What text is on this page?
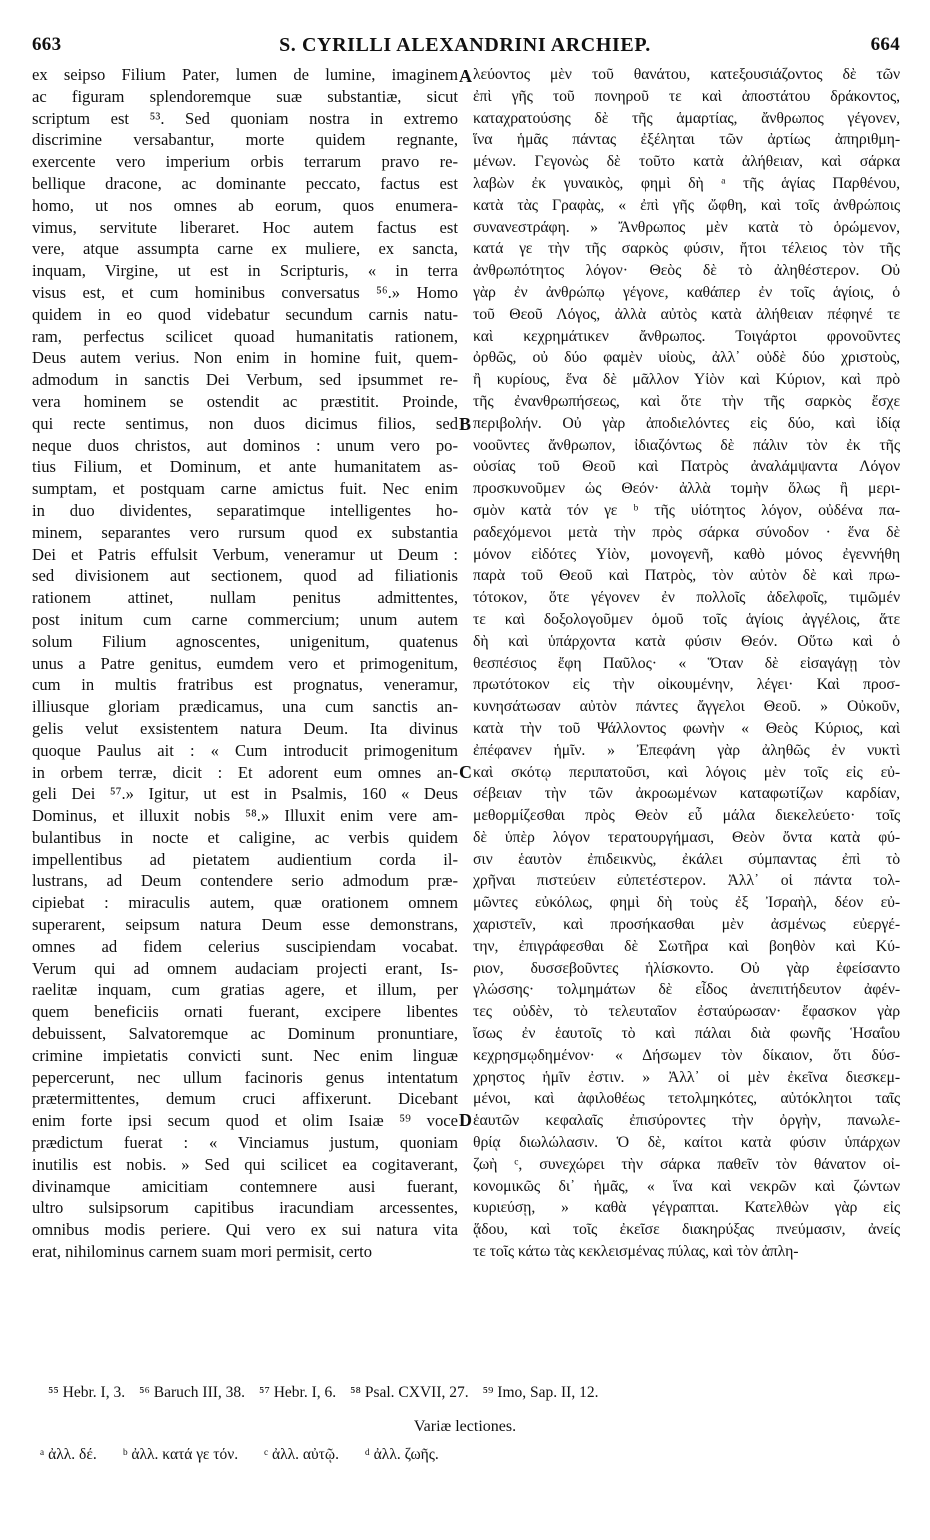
663	S. CYRILLI ALEXANDRINI ARCHIEP.	664
ex seipso Filium Pater, lumen de lumine, imaginem
ac figuram splendoremque suæ substantiæ, sicut
scriptum est ⁵³. Sed quoniam nostra in extremo
discrimine versabantur, morte quidem regnante,
exercente vero imperium orbis terrarum pravo re-
bellique dracone, ac dominante peccato, factus est
homo, ut nos omnes ab eorum, quos enumera-
vimus, servitute liberaret. Hoc autem factus est
vere, atque assumpta carne ex muliere, ex sancta,
inquam, Virgine, ut est in Scripturis, « in terra
visus est, et cum hominibus conversatus ⁵⁶.» Homo
quidem in eo quod videbatur secundum carnis natu-
ram, perfectus scilicet quoad humanitatis rationem,
Deus autem verius. Non enim in homine fuit, quem-
admodum in sanctis Dei Verbum, sed ipsummet re-
vera hominem se ostendit ac præstitit. Proinde,
qui recte sentimus, non duos dicimus filios, sed
neque duos christos, aut dominos : unum vero po-
tius Filium, et Dominum, et ante humanitatem as-
sumptam, et postquam carne amictus fuit. Nec enim
in duo dividentes, separatimque intelligentes ho-
minem, separantes vero rursum quod ex substantia
Dei et Patris effulsit Verbum, veneramur ut Deum :
sed divisionem aut sectionem, quod ad filiationis
rationem attinet, nullam penitus admittentes,
post initum cum carne commercium; unum autem
solum Filium agnoscentes, unigenitum, quatenus
unus a Patre genitus, eumdem vero et primogenitum,
cum in multis fratribus est prognatus, veneramur,
illiusque gloriam prædicamus, una cum sanctis an-
gelis velut exsistentem natura Deum. Ita divinus
quoque Paulus ait : « Cum introducit primogenitum
in orbem terræ, dicit : Et adorent eum omnes an-
geli Dei ⁵⁷.» Igitur, ut est in Psalmis, 160 « Deus
Dominus, et illuxit nobis ⁵⁸.» Illuxit enim vere am-
bulantibus in nocte et caligine, ac verbis quidem
impellentibus ad pietatem audientium corda il-
lustrans, ad Deum contendere serio admodum præ-
cipiebat : miraculis autem, quæ orationem omnem
superarent, seipsum natura Deum esse demonstrans,
omnes ad fidem celerius suscipiendam vocabat.
Verum qui ad omnem audaciam projecti erant, Is-
raelitæ inquam, cum gratias agere, et illum, per
quem beneficiis ornati fuerant, excipere libentes
debuissent, Salvatoremque ac Dominum pronuntiare,
crimine impietatis convicti sunt. Nec enim linguæ
pepercerunt, nec ullum facinoris genus intentatum
prætermittentes, demum cruci affixerunt. Dicebant
enim forte ipsi secum quod et olim Isaiæ ⁵⁹ voce
prædictum fuerat : « Vinciamus justum, quoniam
inutilis est nobis. » Sed qui scilicet ea cogitaverant,
divinamque amicitiam contemnere ausi fuerant,
ultro sulsipsorum capitibus iracundiam arcessentes,
omnibus modis periere. Qui vero ex sui natura vita
erat, nihilominus carnem suam mori permisit, certo
λεύοντος μὲν τοῦ θανάτου, κατεξουσιάζοντος δὲ τῶν
ἐπὶ γῆς τοῦ πονηροῦ τε καὶ ἀποστάτου δράκοντος,
καταχρατούσης δὲ τῆς ἁμαρτίας, ἄνθρωπος γέγονεν,
ἵνα ἡμᾶς πάντας ἐξέληται τῶν ἀρτίως ἀπηριθμη-
μένων. Γεγονὼς δὲ τοῦτο κατὰ ἀλήθειαν, καὶ σάρκα
λαβὼν ἐκ γυναικὸς, φημὶ δὴ ᵃ τῆς ἁγίας Παρθένου,
κατὰ τὰς Γραφὰς, « ἐπὶ γῆς ὤφθη, καὶ τοῖς ἀνθρώποις
συνανεστράφη. » Ἄνθρωπος μὲν κατὰ τὸ ὁρώμενον,
κατά γε τὴν τῆς σαρκὸς φύσιν, ἤτοι τέλειος τὸν τῆς
ἀνθρωπότητος λόγον· Θεὸς δὲ τὸ ἀληθέστερον. Οὐ
γὰρ ἐν ἀνθρώπῳ γέγονε, καθάπερ ἐν τοῖς ἁγίοις, ὁ
τοῦ Θεοῦ Λόγος, ἀλλὰ αὐτὸς κατὰ ἀλήθειαν πέφηνέ τε
καὶ κεχρημάτικεν ἄνθρωπος. Τοιγάρτοι φρονοῦντες
ὀρθῶς, οὐ δύο φαμὲν υἱοὺς, ἀλλ᾽ οὐδὲ δύο χριστοὺς,
ἢ κυρίους, ἕνα δὲ μᾶλλον Υἱὸν καὶ Κύριον, καὶ πρὸ
τῆς ἐνανθρωπήσεως, καὶ ὅτε τὴν τῆς σαρκὸς ἔσχε
περιβολήν. Οὐ γὰρ ἀποδιελόντες εἰς δύο, καὶ ἰδίᾳ
νοοῦντες ἄνθρωπον, ἰδιαζόντως δὲ πάλιν τὸν ἐκ τῆς
οὐσίας τοῦ Θεοῦ καὶ Πατρὸς ἀναλάμψαντα Λόγον
προσκυνοῦμεν ὡς Θεόν· ἀλλὰ τομὴν ὅλως ἢ μερι-
σμὸν κατὰ τόν γε ᵇ τῆς υἱότητος λόγον, οὐδένα πα-
ραδεχόμενοι μετὰ τὴν πρὸς σάρκα σύνοδον · ἕνα δὲ
μόνον εἰδότες Υἱὸν, μονογενῆ, καθὸ μόνος ἐγεννήθη
παρὰ τοῦ Θεοῦ καὶ Πατρὸς, τὸν αὐτὸν δὲ καὶ πρω-
τότοκον, ὅτε γέγονεν ἐν πολλοῖς ἀδελφοῖς, τιμῶμέν
τε καὶ δοξολογοῦμεν ὁμοῦ τοῖς ἁγίοις ἀγγέλοις, ἅτε
δὴ καὶ ὑπάρχοντα κατὰ φύσιν Θεόν. Οὕτω καὶ ὁ
θεσπέσιος ἔφη Παῦλος· « Ὅταν δὲ εἰσαγάγῃ τὸν
πρωτότοκον εἰς τὴν οἰκουμένην, λέγει· Καὶ προσ-
κυνησάτωσαν αὐτὸν πάντες ἄγγελοι Θεοῦ. » Οὐκοῦν,
κατὰ τὴν τοῦ Ψάλλοντος φωνὴν « Θεὸς Κύριος, καὶ
ἐπέφανεν ἡμῖν. » Ἐπεφάνη γὰρ ἀληθῶς ἐν νυκτὶ
καὶ σκότῳ περιπατοῦσι, καὶ λόγοις μὲν τοῖς εἰς εὐ-
σέβειαν τὴν τῶν ἀκροωμένων καταφωτίζων καρδίαν,
μεθορμίζεσθαι πρὸς Θεὸν εὖ μάλα διεκελεύετο· τοῖς
δὲ ὑπὲρ λόγον τερατουργήμασι, Θεὸν ὄντα κατὰ φύ-
σιν ἑαυτὸν ἐπιδεικνὺς, ἐκάλει σύμπαντας ἐπὶ τὸ
χρῆναι πιστεύειν εὐπετέστερον. Ἀλλ᾽ οἱ πάντα τολ-
μῶντες εὐκόλως, φημὶ δὴ τοὺς ἐξ Ἰσραὴλ, δέον εὐ-
χαριστεῖν, καὶ προσήκασθαι μὲν ἀσμένως εὐεργέ-
την, ἐπιγράφεσθαι δὲ Σωτῆρα καὶ βοηθὸν καὶ Κύ-
ριον, δυσσεβοῦντες ἡλίσκοντο. Οὐ γὰρ ἐφείσαντο
γλώσσης· τολμημάτων δὲ εἶδος ἀνεπιτήδευτον ἀφέν-
τες οὐδὲν, τὸ τελευταῖον ἐσταύρωσαν· ἔφασκον γὰρ
ἴσως ἐν ἑαυτοῖς τὸ καὶ πάλαι διὰ φωνῆς Ἡσαΐου
κεχρησμῳδημένον· « Δήσωμεν τὸν δίκαιον, ὅτι δύσ-
χρηστος ἡμῖν ἐστιν. » Ἀλλ᾽ οἱ μὲν ἐκεῖνα διεσκεμ-
μένοι, καὶ ἀφιλοθέως τετολμηκότες, αὐτόκλητοι ταῖς
ἑαυτῶν κεφαλαῖς ἐπισύροντες τὴν ὀργὴν, πανωλε-
θρίᾳ διωλώλασιν. Ὁ δὲ, καίτοι κατὰ φύσιν ὑπάρχων
ζωὴ ᶜ, συνεχώρει τὴν σάρκα παθεῖν τὸν θάνατον οἰ-
κονομικῶς δι᾽ ἡμᾶς, « ἵνα καὶ νεκρῶν καὶ ζώντων
κυριεύσῃ, » καθὰ γέγραπται. Κατελθὼν γὰρ εἰς
ᾅδου, καὶ τοῖς ἐκεῖσε διακηρύξας πνεύμασιν, ἀνείς
τε τοῖς κάτω τὰς κεκλεισμένας πύλας, καὶ τὸν ἀπλη-
A
B
C
D
⁵⁵ Hebr. I, 3. ⁵⁶ Baruch III, 38. ⁵⁷ Hebr. I, 6. ⁵⁸ Psal. CXVII, 27. ⁵⁹ Imo, Sap. II, 12.
Variæ lectiones.
ᵃ ἀλλ. δέ. ᵇ ἀλλ. κατά γε τόν. ᶜ ἀλλ. αὐτῷ. ᵈ ἀλλ. ζωῆς.
